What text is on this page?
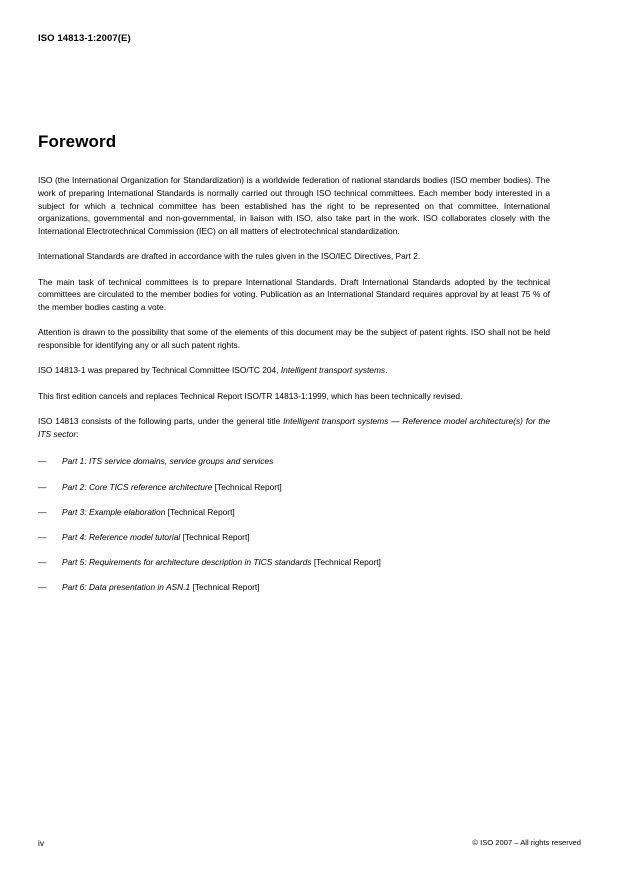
ISO 14813-1:2007(E)
Foreword

ISO (the International Organization for Standardization) is a worldwide federation of national standards bodies (ISO member bodies). The work of preparing International Standards is normally carried out through ISO technical committees. Each member body interested in a subject for which a technical committee has been established has the right to be represented on that committee. International organizations, governmental and non-governmental, in liaison with ISO, also take part in the work. ISO collaborates closely with the International Electrotechnical Commission (IEC) on all matters of electrotechnical standardization.

International Standards are drafted in accordance with the rules given in the ISO/IEC Directives, Part 2.

The main task of technical committees is to prepare International Standards. Draft International Standards adopted by the technical committees are circulated to the member bodies for voting. Publication as an International Standard requires approval by at least 75 % of the member bodies casting a vote.

Attention is drawn to the possibility that some of the elements of this document may be the subject of patent rights. ISO shall not be held responsible for identifying any or all such patent rights.

ISO 14813-1 was prepared by Technical Committee ISO/TC 204, Intelligent transport systems.

This first edition cancels and replaces Technical Report ISO/TR 14813-1:1999, which has been technically revised.

ISO 14813 consists of the following parts, under the general title Intelligent transport systems — Reference model architecture(s) for the ITS sector:

— Part 1: ITS service domains, service groups and services
— Part 2: Core TICS reference architecture [Technical Report]
— Part 3: Example elaboration [Technical Report]
— Part 4: Reference model tutorial [Technical Report]
— Part 5: Requirements for architecture description in TICS standards [Technical Report]
— Part 6: Data presentation in ASN.1 [Technical Report]
iv	© ISO 2007 – All rights reserved
